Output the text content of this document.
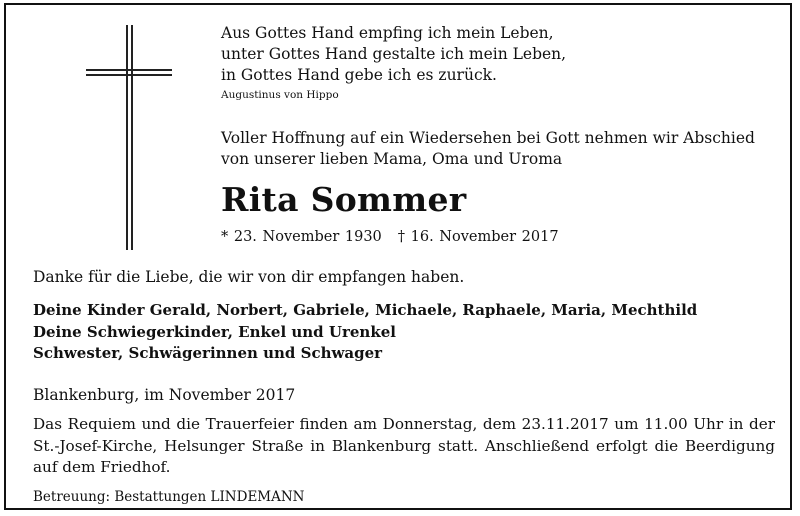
Aus Gottes Hand empfing ich mein Leben,
unter Gottes Hand gestalte ich mein Leben,
in Gottes Hand gebe ich es zurück.
Augustinus von Hippo
Voller Hoffnung auf ein Wiedersehen bei Gott nehmen wir Abschied
von unserer lieben Mama, Oma und Uroma
Rita Sommer
* 23. November 1930 † 16. November 2017
Danke für die Liebe, die wir von dir empfangen haben.
Deine Kinder Gerald, Norbert, Gabriele, Michaele, Raphaele, Maria, Mechthild
Deine Schwiegerkinder, Enkel und Urenkel
Schwester, Schwägerinnen und Schwager
Blankenburg, im November 2017
Das Requiem und die Trauerfeier finden am Donnerstag, dem 23.11.2017 um 11.00 Uhr in der St.-Josef-Kirche, Helsunger Straße in Blankenburg statt. Anschließend erfolgt die Beerdigung auf dem Friedhof.
Betreuung: Bestattungen LINDEMANN
